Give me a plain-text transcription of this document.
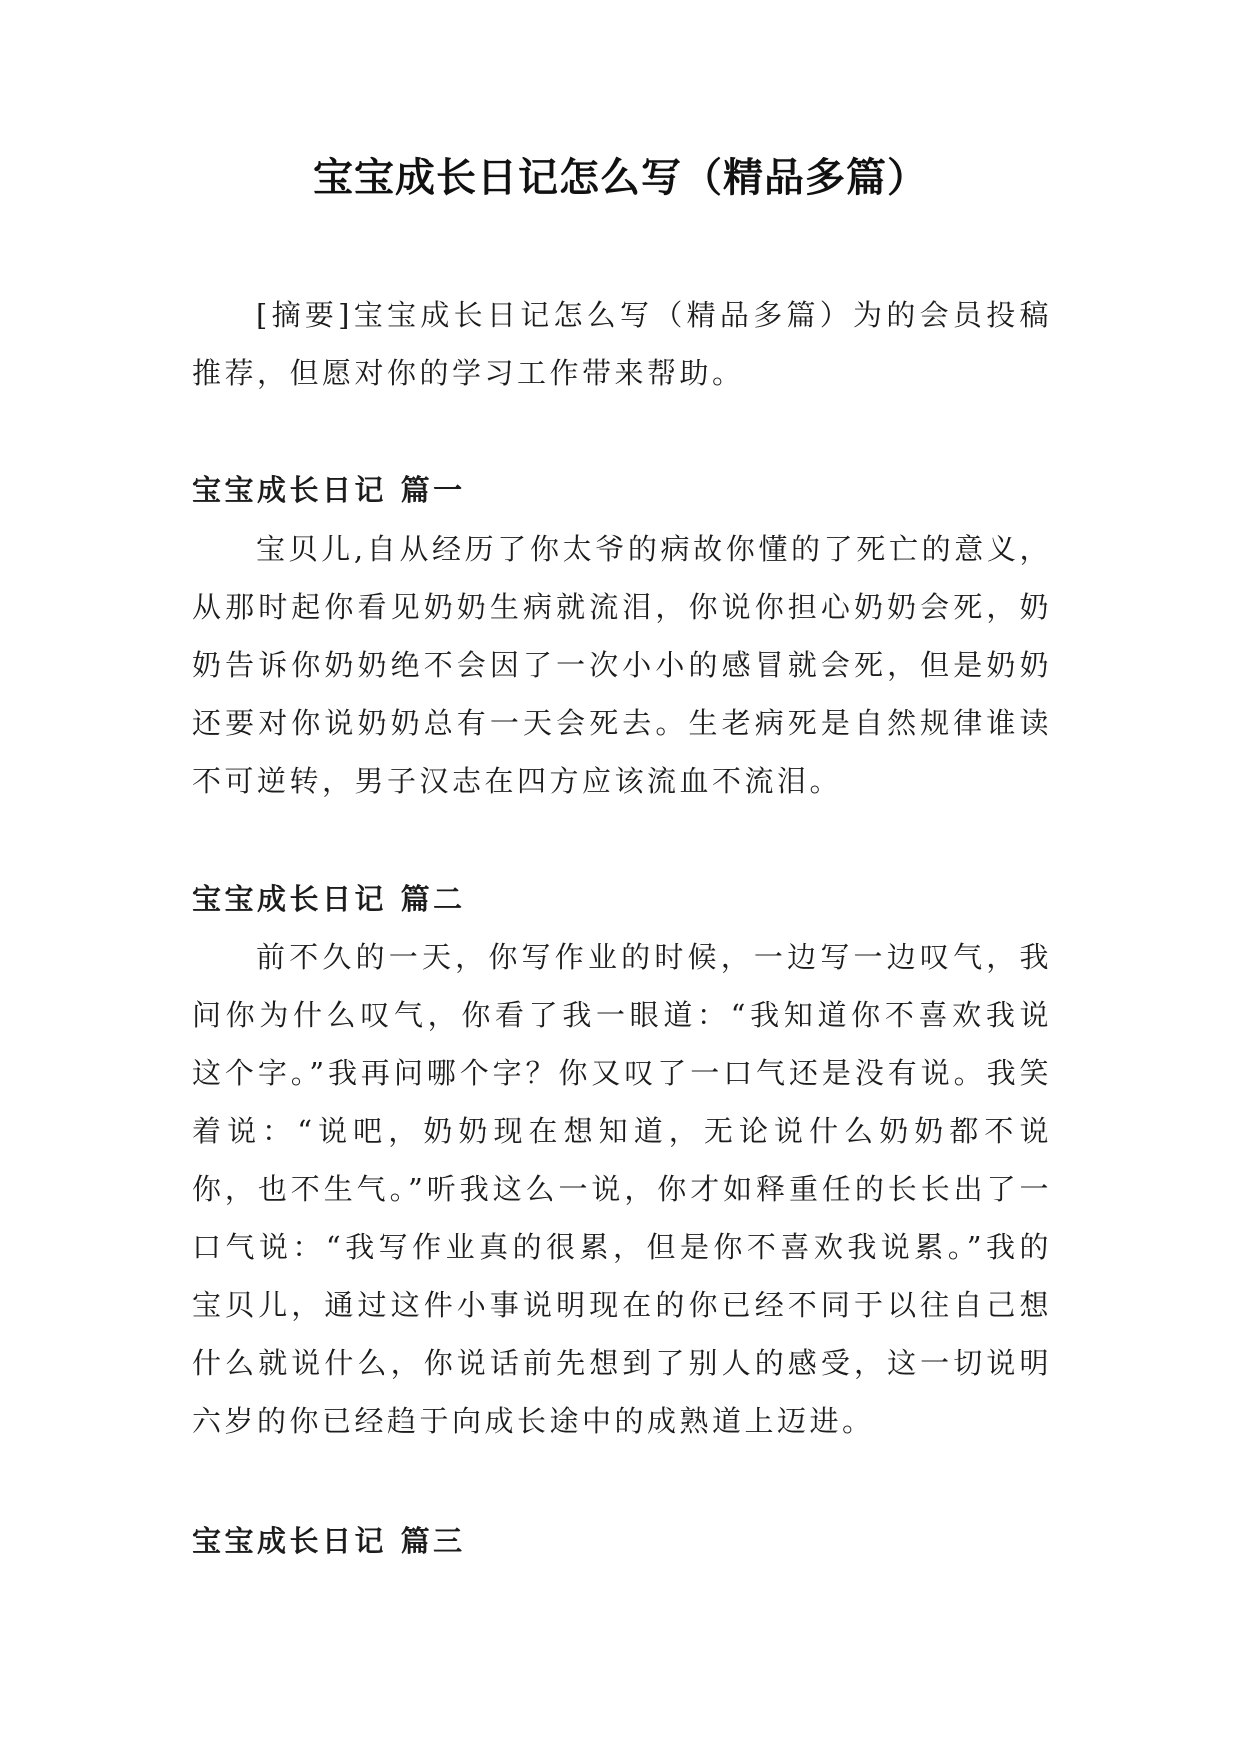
宝宝成长日记怎么写（精品多篇）

[摘要]宝宝成长日记怎么写（精品多篇）为的会员投稿推荐，但愿对你的学习工作带来帮助。

宝宝成长日记 篇一

宝贝儿,自从经历了你太爷的病故你懂的了死亡的意义，从那时起你看见奶奶生病就流泪，你说你担心奶奶会死，奶奶告诉你奶奶绝不会因了一次小小的感冒就会死，但是奶奶还要对你说奶奶总有一天会死去。生老病死是自然规律谁读不可逆转，男子汉志在四方应该流血不流泪。

宝宝成长日记 篇二

前不久的一天，你写作业的时候，一边写一边叹气，我问你为什么叹气，你看了我一眼道：“我知道你不喜欢我说这个字。”我再问哪个字？你又叹了一口气还是没有说。我笑着说：“说吧，奶奶现在想知道，无论说什么奶奶都不说你，也不生气。”听我这么一说，你才如释重任的长长出了一口气说：“我写作业真的很累，但是你不喜欢我说累。”我的宝贝儿，通过这件小事说明现在的你已经不同于以往自己想什么就说什么，你说话前先想到了别人的感受，这一切说明六岁的你已经趋于向成长途中的成熟道上迈进。

宝宝成长日记 篇三
